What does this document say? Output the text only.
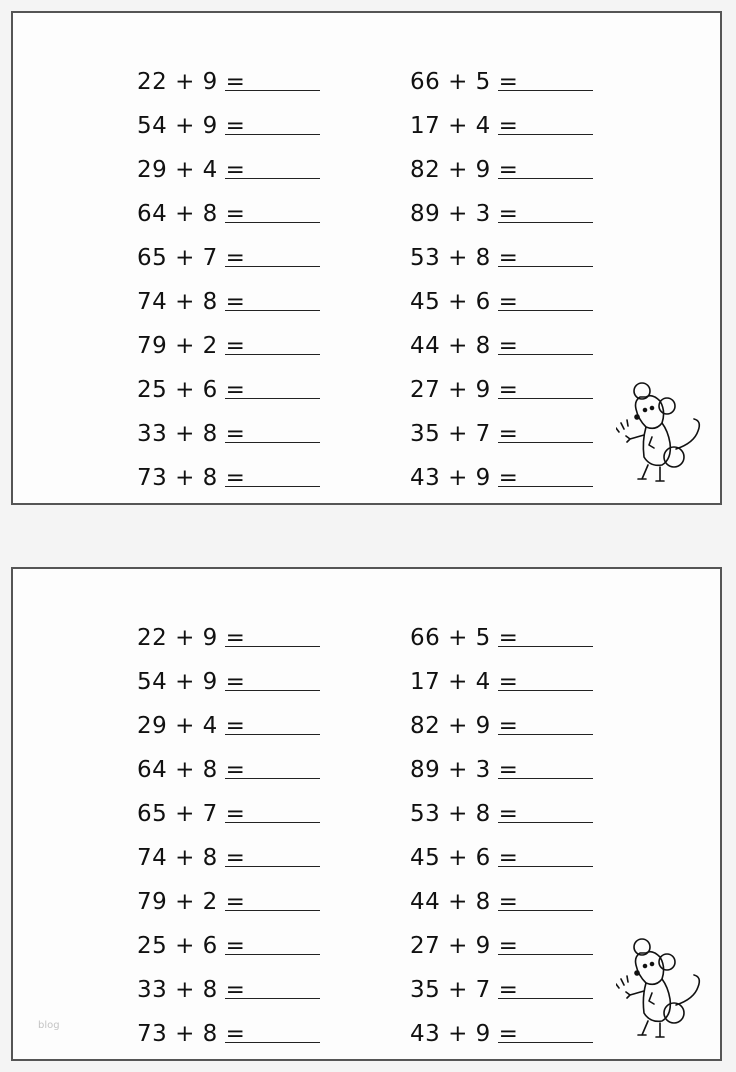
22 + 9 =
54 + 9 =
29 + 4 =
64 + 8 =
65 + 7 =
74 + 8 =
79 + 2 =
25 + 6 =
33 + 8 =
73 + 8 =
66 + 5 =
17 + 4 =
82 + 9 =
89 + 3 =
53 + 8 =
45 + 6 =
44 + 8 =
27 + 9 =
35 + 7 =
43 + 9 =
22 + 9 =
54 + 9 =
29 + 4 =
64 + 8 =
65 + 7 =
74 + 8 =
79 + 2 =
25 + 6 =
33 + 8 =
73 + 8 =
66 + 5 =
17 + 4 =
82 + 9 =
89 + 3 =
53 + 8 =
45 + 6 =
44 + 8 =
27 + 9 =
35 + 7 =
43 + 9 =
blog
